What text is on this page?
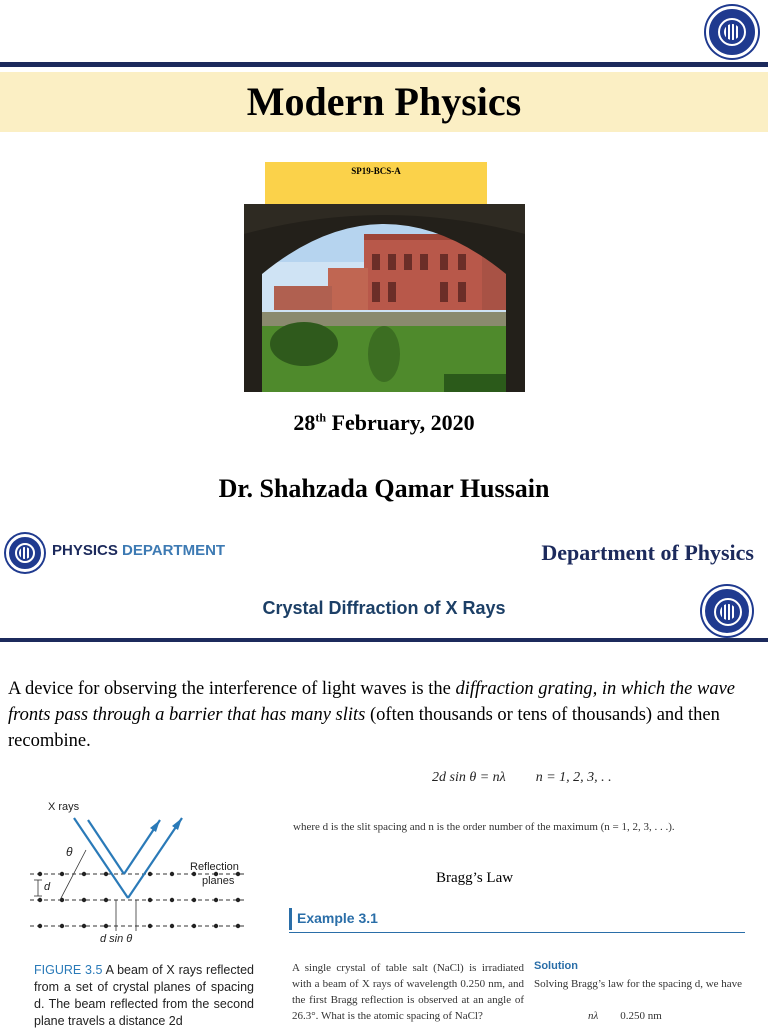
Modern Physics
SP19-BCS-A
28th February, 2020
Dr. Shahzada Qamar Hussain
PHYSICS DEPARTMENT	Department of Physics
Crystal Diffraction of X Rays
A device for observing the interference of light waves is the diffraction grating, in which the wave fronts pass through a barrier that has many slits (often thousands or tens of thousands) and then recombine.
2d sin θ = nλ n = 1, 2, 3, . .
X rays
θ
Reflection
planes
d
d sin θ
FIGURE 3.5 A beam of X rays reflected from a set of crystal planes of spacing d. The beam reflected from the second plane travels a distance 2d
where d is the slit spacing and n is the order number of the maximum (n = 1, 2, 3, . . .).
Bragg’s Law
Example 3.1
A single crystal of table salt (NaCl) is irradiated with a beam of X rays of wavelength 0.250 nm, and the first Bragg reflection is observed at an angle of 26.3°. What is the atomic spacing of NaCl?
Solution
Solving Bragg’s law for the spacing d, we have
nλ 0.250 nm
